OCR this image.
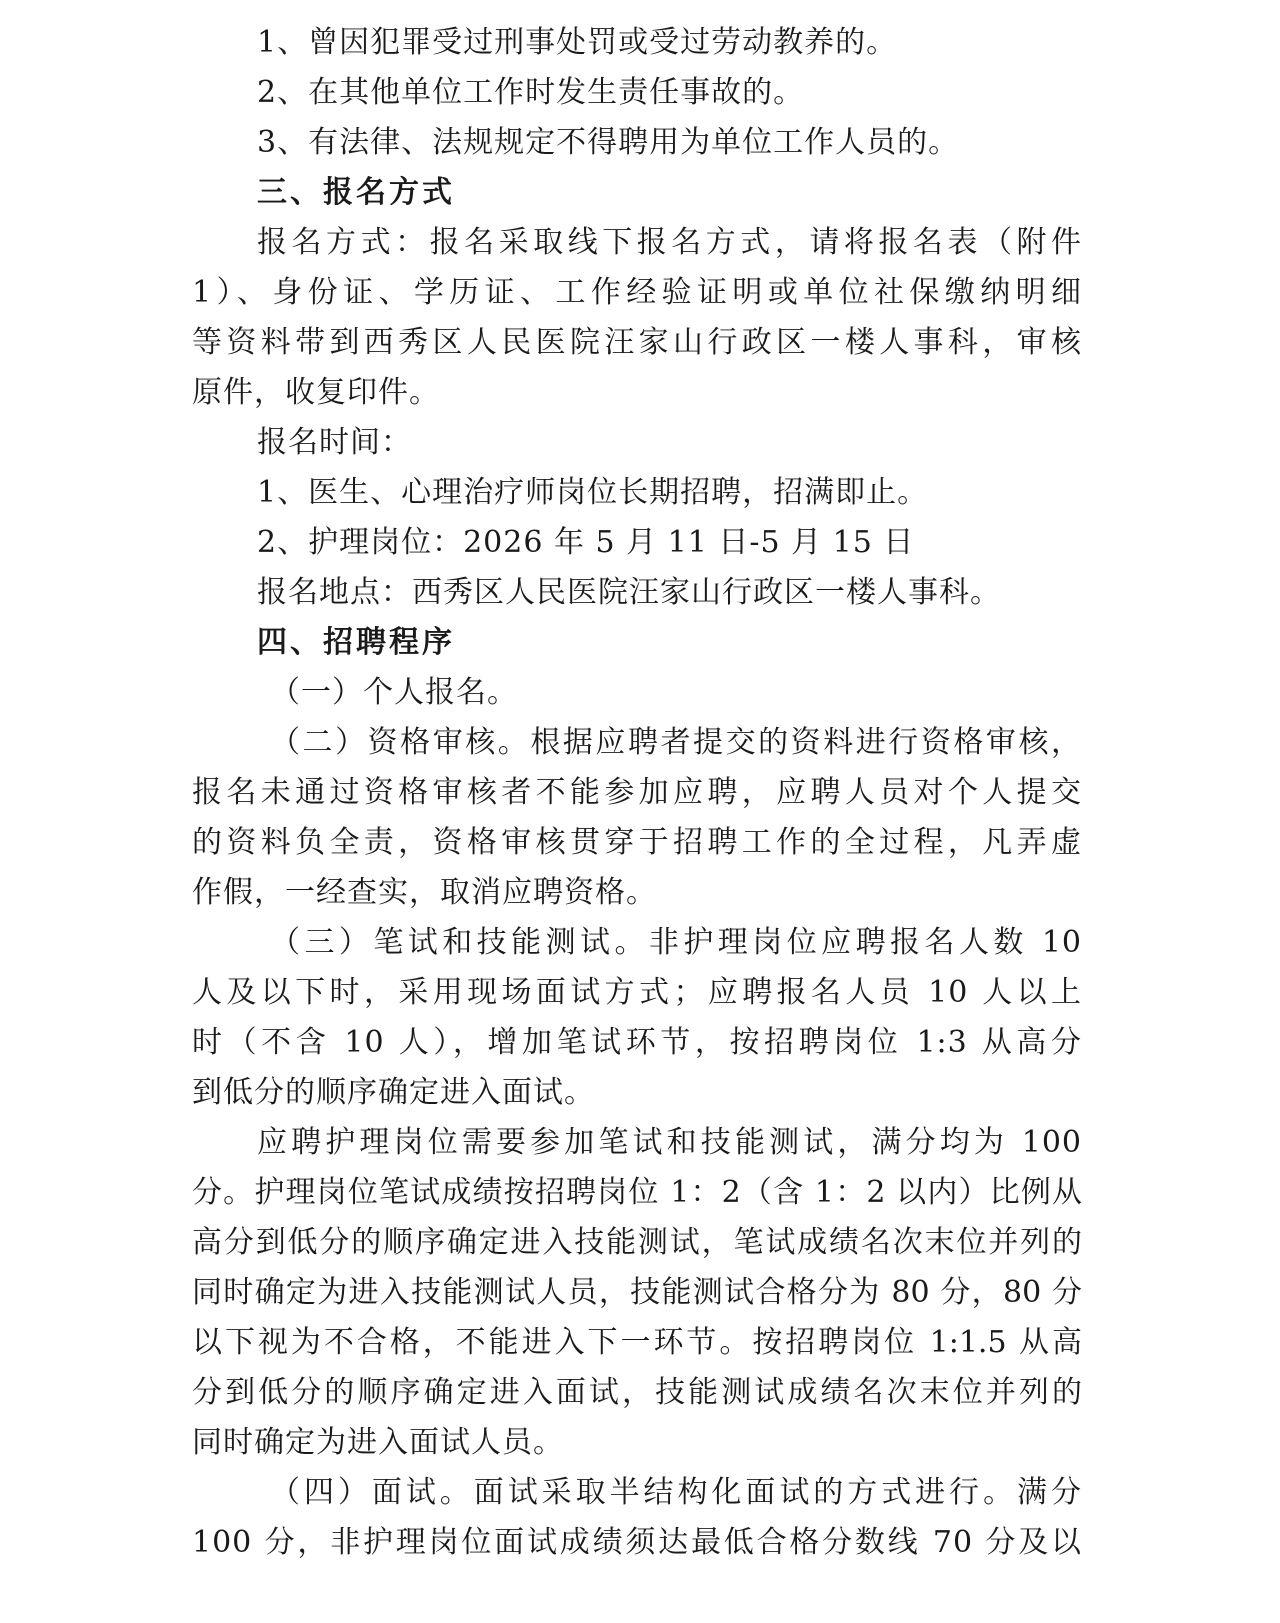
1、曾因犯罪受过刑事处罚或受过劳动教养的。
2、在其他单位工作时发生责任事故的。
3、有法律、法规规定不得聘用为单位工作人员的。
三、报名方式
报名方式：报名采取线下报名方式，请将报名表（附件
1）、身份证、学历证、工作经验证明或单位社保缴纳明细
等资料带到西秀区人民医院汪家山行政区一楼人事科，审核
原件，收复印件。
报名时间：
1、医生、心理治疗师岗位长期招聘，招满即止。
2、护理岗位：2026 年 5 月 11 日-5 月 15 日
报名地点：西秀区人民医院汪家山行政区一楼人事科。
四、招聘程序
（一）个人报名。
（二）资格审核。根据应聘者提交的资料进行资格审核，
报名未通过资格审核者不能参加应聘，应聘人员对个人提交
的资料负全责，资格审核贯穿于招聘工作的全过程，凡弄虚
作假，一经查实，取消应聘资格。
（三）笔试和技能测试。非护理岗位应聘报名人数 10
人及以下时，采用现场面试方式；应聘报名人员 10 人以上
时（不含 10 人），增加笔试环节，按招聘岗位 1:3 从高分
到低分的顺序确定进入面试。
应聘护理岗位需要参加笔试和技能测试，满分均为 100
分。护理岗位笔试成绩按招聘岗位 1：2（含 1：2 以内）比例从
高分到低分的顺序确定进入技能测试，笔试成绩名次末位并列的
同时确定为进入技能测试人员，技能测试合格分为 80 分，80 分
以下视为不合格，不能进入下一环节。按招聘岗位 1:1.5 从高
分到低分的顺序确定进入面试，技能测试成绩名次末位并列的
同时确定为进入面试人员。
（四）面试。面试采取半结构化面试的方式进行。满分
100 分，非护理岗位面试成绩须达最低合格分数线 70 分及以
